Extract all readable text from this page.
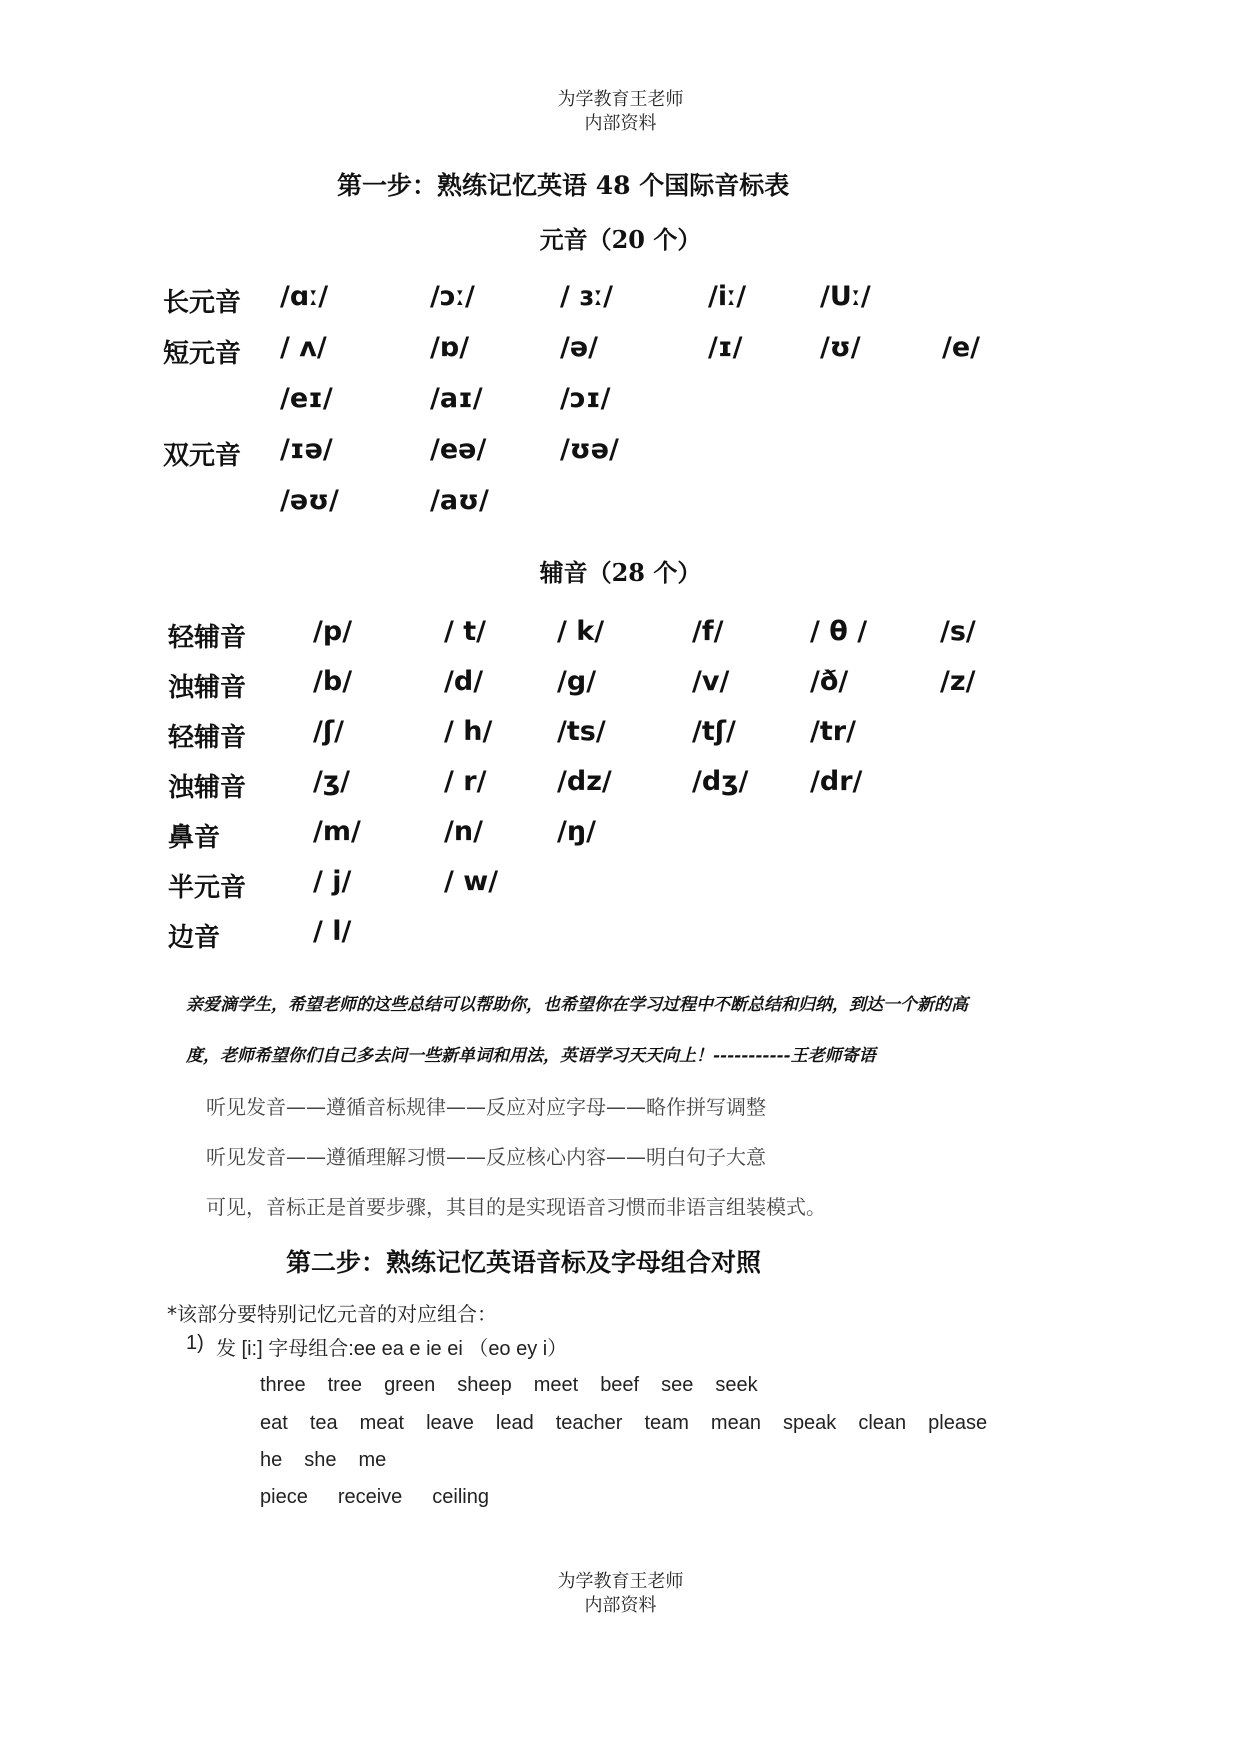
为学教育王老师
内部资料
第一步：熟练记忆英语 48 个国际音标表
元音（20 个）
长元音 /ɑː/	/ɔː/	/ ɜː/	/iː/	/Uː/
短元音 / ʌ/	/ɒ/	/ə/	/ɪ/	/ʊ/	/e/
/eɪ/	/aɪ/	/ɔɪ/
双元音 /ɪə/	/eə/	/ʊə/
/əʊ/	/aʊ/
辅音（28 个）
轻辅音 /p/	/ t/	/ k/	/f/	/ θ /	/s/
浊辅音 /b/	/d/	/g/	/v/	/ð/	/z/
轻辅音 /ʃ/	/ h/ /ts/	/tʃ/	/tr/
浊辅音 /ʒ/	/ r/	/dz/	/dʒ/ /dr/
鼻音	/m/	/n/	/ŋ/
半元音 / j/	/ w/
边音	/ l/
亲爱滴学生，希望老师的这些总结可以帮助你，也希望你在学习过程中不断总结和归纳，到达一个新的高
度，老师希望你们自己多去问一些新单词和用法，英语学习天天向上！-----------王老师寄语
听见发音——遵循音标规律——反应对应字母——略作拼写调整
听见发音——遵循理解习惯——反应核心内容——明白句子大意
可见，音标正是首要步骤，其目的是实现语音习惯而非语言组装模式。
第二步：熟练记忆英语音标及字母组合对照
*该部分要特别记忆元音的对应组合：
1) 发 [i:] 字母组合:ee ea e ie ei （eo ey i）
three tree green sheep meet beef see seek
eat tea meat leave lead teacher team mean speak clean please
he she me
piece receive ceiling
为学教育王老师
内部资料
